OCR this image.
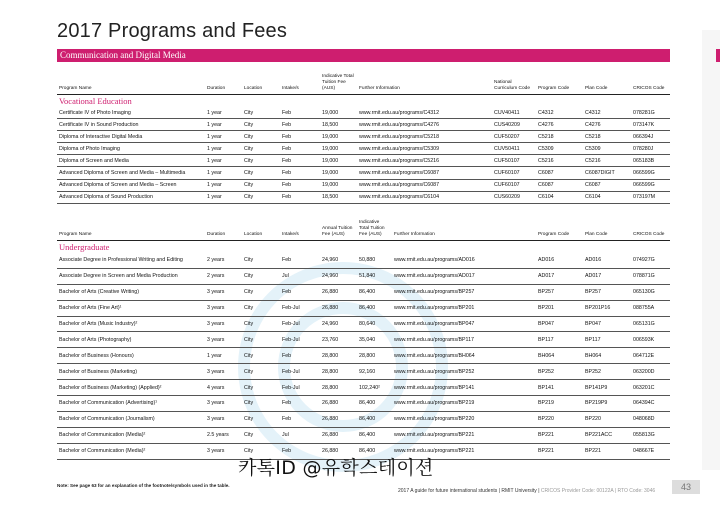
2017 Programs and Fees
Communication and Digital Media
Program Name	Duration	Location	Intake/s	Indicative Total Tuition Fee (AUS)	Further Information	National Curriculum Code	Program Code	Plan Code	CRICOS Code

Vocational Education									
Certificate IV of Photo Imaging	1 year	City	Feb	19,000	www.rmit.edu.au/programs/C4312	CUV40411	C4312	C4312	078281G
Certificate IV in Sound Production	1 year	City	Feb	18,500	www.rmit.edu.au/programs/C4276	CUS40209	C4276	C4276	073147K
Diploma of Interactive Digital Media	1 year	City	Feb	19,000	www.rmit.edu.au/programs/C5218	CUF50207	C5218	C5218	066394J
Diploma of Photo Imaging	1 year	City	Feb	19,000	www.rmit.edu.au/programs/C5309	CUV50411	C5309	C5309	078280J
Diploma of Screen and Media	1 year	City	Feb	19,000	www.rmit.edu.au/programs/C5216	CUF50107	C5216	C5216	065183B
Advanced Diploma of Screen and Media – Multimedia	1 year	City	Feb	19,000	www.rmit.edu.au/programs/C6087	CUF60107	C6087	C6087DIGIT	066599G
Advanced Diploma of Screen and Media – Screen	1 year	City	Feb	19,000	www.rmit.edu.au/programs/C6087	CUF60107	C6087	C6087	066599G
Advanced Diploma of Sound Production	1 year	City	Feb	18,500	www.rmit.edu.au/programs/C6104	CUS60209	C6104	C6104	073197M
Program Name	Duration	Location	Intake/s	Annual Tuition Fee (AUS)	Indicative Total Tuition Fee (AUS)	Further Information	Program Code	Plan Code	CRICOS Code

Undergraduate									
Associate Degree in Professional Writing and Editing	2 years	City	Feb	24,960	50,880	www.rmit.edu.au/programs/AD016	AD016	AD016	074927G
Associate Degree in Screen and Media Production	2 years	City	Jul	24,960	51,840	www.rmit.edu.au/programs/AD017	AD017	AD017	078871G
Bachelor of Arts (Creative Writing)	3 years	City	Feb	26,880	86,400	www.rmit.edu.au/programs/BP257	BP257	BP257	065130G
Bachelor of Arts (Fine Art)¹	3 years	City	Feb-Jul	26,880	86,400	www.rmit.edu.au/programs/BP201	BP201	BP201P16	088755A
Bachelor of Arts (Music Industry)²	3 years	City	Feb-Jul	24,960	80,640	www.rmit.edu.au/programs/BP047	BP047	BP047	065131G
Bachelor of Arts (Photography)	3 years	City	Feb-Jul	23,760	35,040	www.rmit.edu.au/programs/BP117	BP117	BP117	006593K
Bachelor of Business (Honours)	1 year	City	Feb	28,800	28,800	www.rmit.edu.au/programs/BH064	BH064	BH064	064712E
Bachelor of Business (Marketing)	3 years	City	Feb-Jul	28,800	92,160	www.rmit.edu.au/programs/BP252	BP252	BP252	063200D
Bachelor of Business (Marketing) (Applied)²	4 years	City	Feb-Jul	28,800	102,240²	www.rmit.edu.au/programs/BP141	BP141	BP141P9	063201C
Bachelor of Communication (Advertising)¹	3 years	City	Feb	26,880	86,400	www.rmit.edu.au/programs/BP219	BP219	BP219P9	064394C
Bachelor of Communication (Journalism)	3 years	City	Feb	26,880	86,400	www.rmit.edu.au/programs/BP220	BP220	BP220	048068D
Bachelor of Communication (Media)²	2.5 years	City	Jul	26,880	86,400	www.rmit.edu.au/programs/BP221	BP221	BP221ACC	055813G
Bachelor of Communication (Media)²	3 years	City	Feb	26,880	86,400	www.rmit.edu.au/programs/BP221	BP221	BP221	048667E
카톡ID @유학스테이션
Note: See page 63 for an explanation of the footnote/symbols used in the table.
2017 A guide for future international students | RMIT University | CRICOS Provider Code: 00122A | RTO Code: 3046	43
